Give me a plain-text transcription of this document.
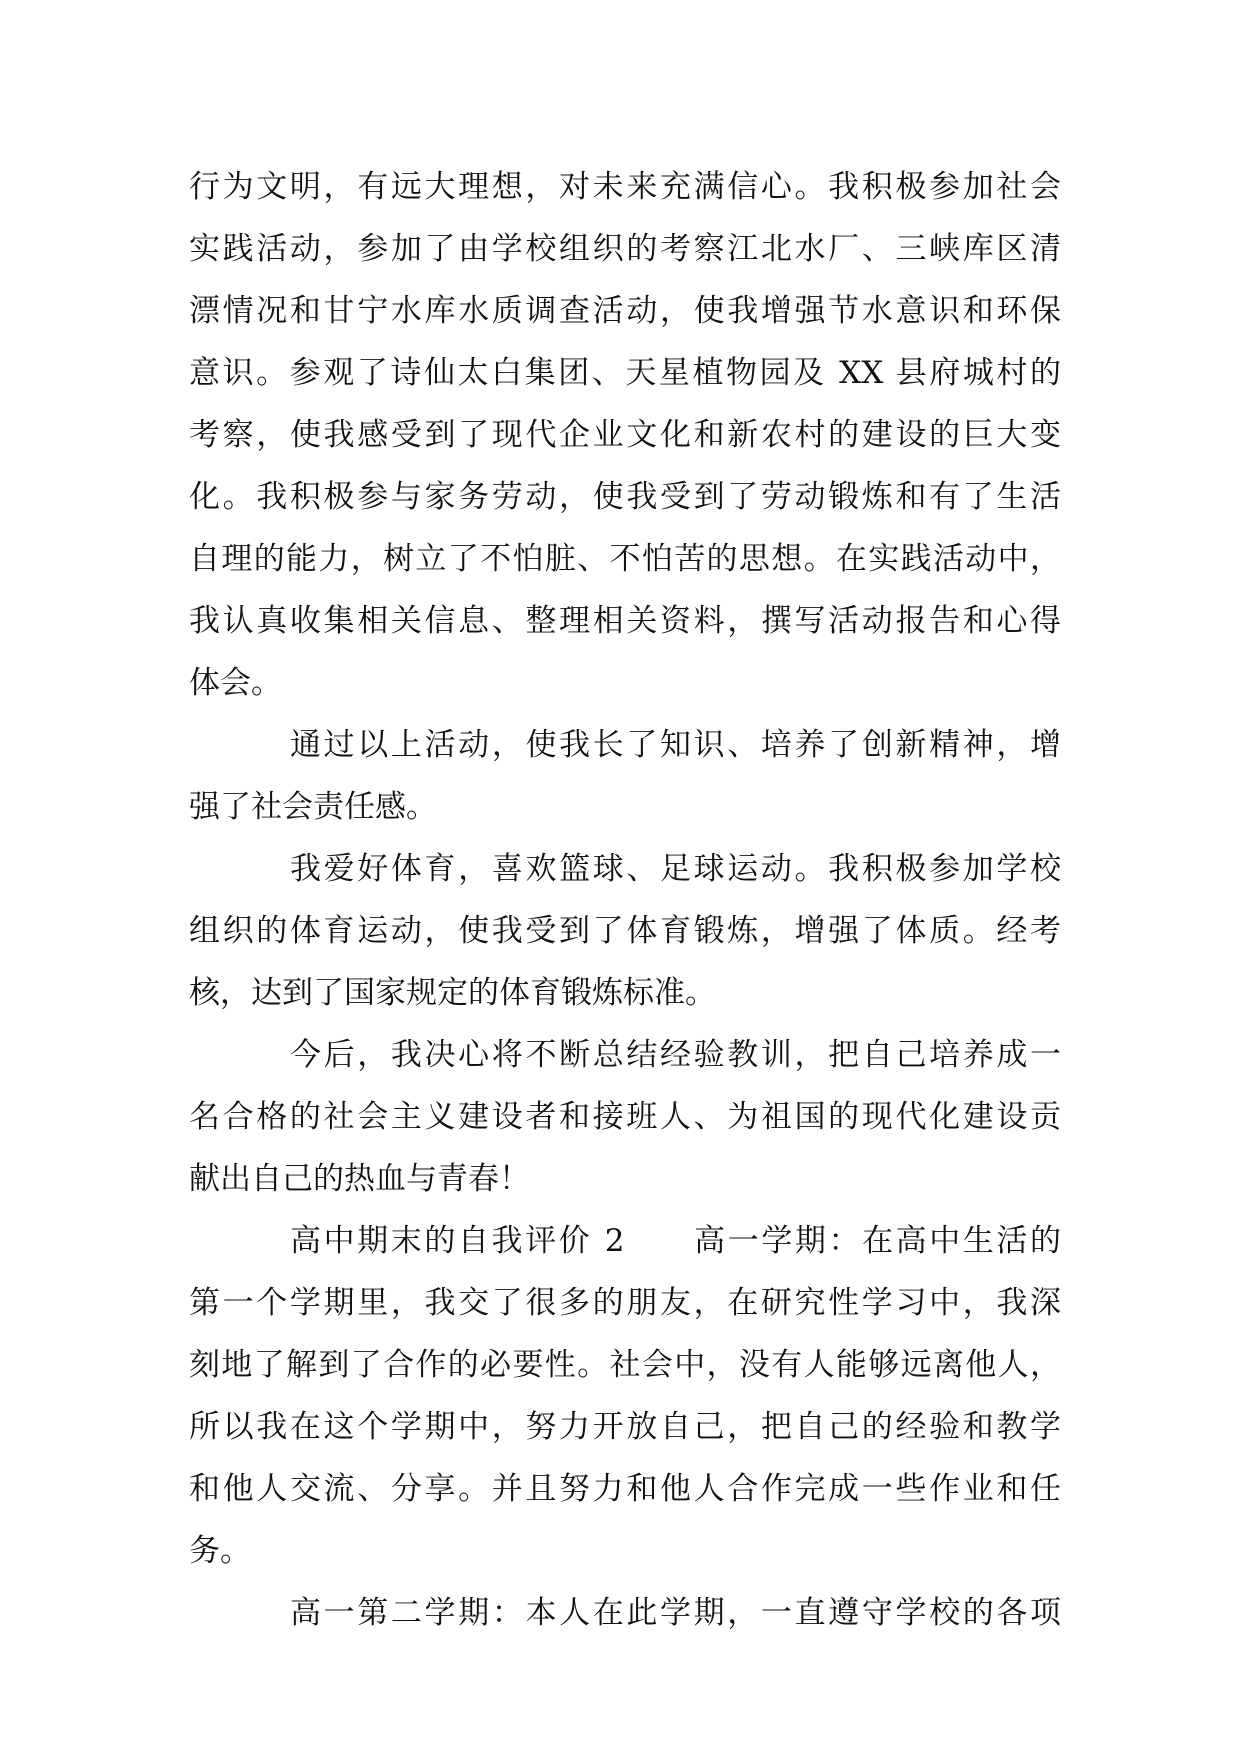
行为文明，有远大理想，对未来充满信心。我积极参加社会
实践活动，参加了由学校组织的考察江北水厂、三峡库区清
漂情况和甘宁水库水质调查活动，使我增强节水意识和环保
意识。参观了诗仙太白集团、天星植物园及 XX 县府城村的
考察，使我感受到了现代企业文化和新农村的建设的巨大变
化。我积极参与家务劳动，使我受到了劳动锻炼和有了生活
自理的能力，树立了不怕脏、不怕苦的思想。在实践活动中，
我认真收集相关信息、整理相关资料，撰写活动报告和心得
体会。
通过以上活动，使我长了知识、培养了创新精神，增
强了社会责任感。
我爱好体育，喜欢篮球、足球运动。我积极参加学校
组织的体育运动，使我受到了体育锻炼，增强了体质。经考
核，达到了国家规定的体育锻炼标准。
今后，我决心将不断总结经验教训，把自己培养成一
名合格的社会主义建设者和接班人、为祖国的现代化建设贡
献出自己的热血与青春！
高中期末的自我评价 2　　高一学期：在高中生活的
第一个学期里，我交了很多的朋友，在研究性学习中，我深
刻地了解到了合作的必要性。社会中，没有人能够远离他人，
所以我在这个学期中，努力开放自己，把自己的经验和教学
和他人交流、分享。并且努力和他人合作完成一些作业和任
务。
高一第二学期：本人在此学期，一直遵守学校的各项
